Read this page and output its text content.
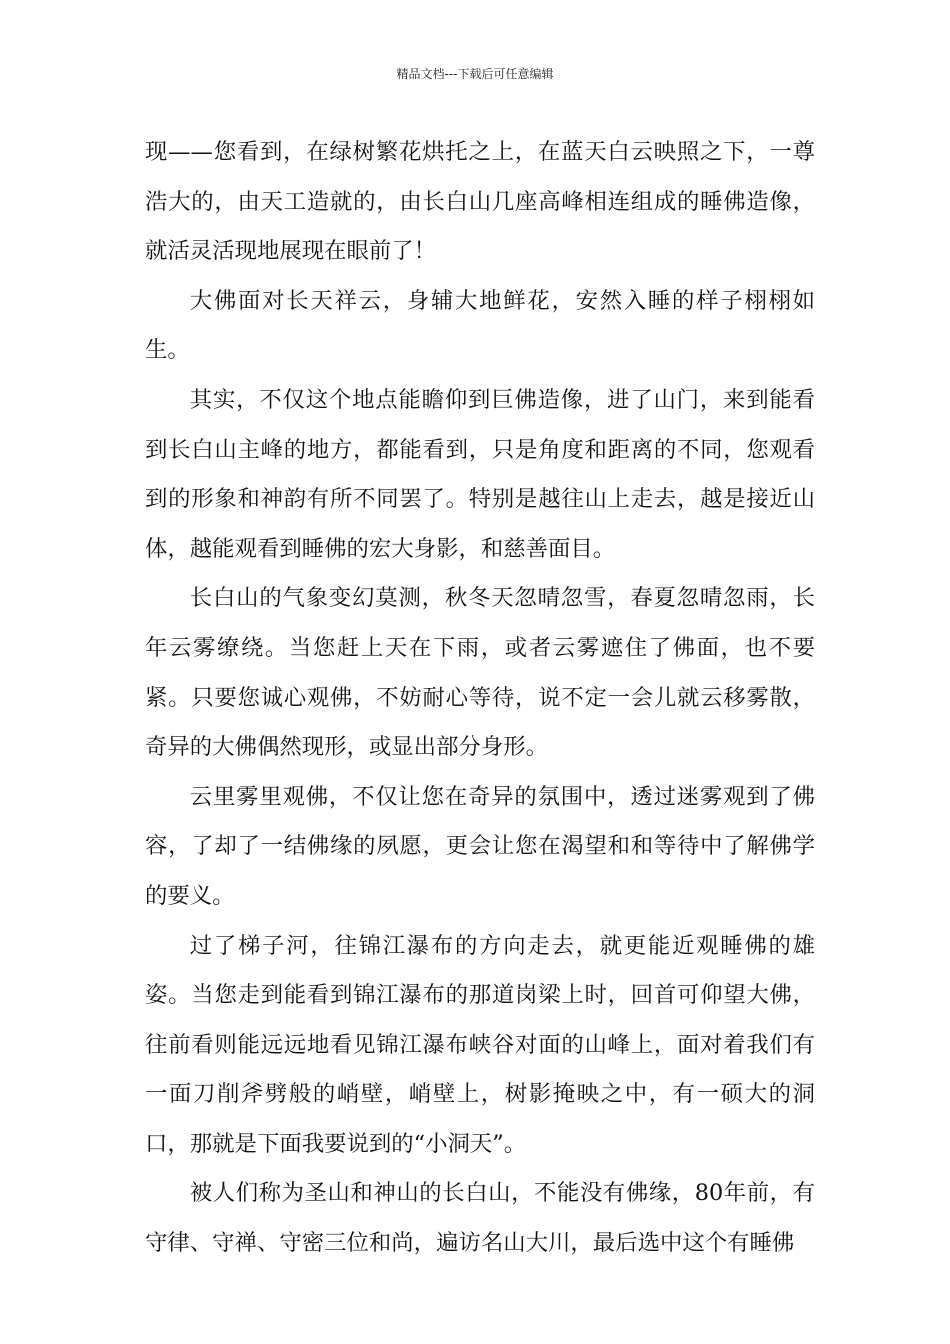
精品文档---下载后可任意编辑

现——您看到，在绿树繁花烘托之上，在蓝天白云映照之下，一尊浩大的，由天工造就的，由长白山几座高峰相连组成的睡佛造像，就活灵活现地展现在眼前了！

大佛面对长天祥云，身辅大地鲜花，安然入睡的样子栩栩如生。

其实，不仅这个地点能瞻仰到巨佛造像，进了山门，来到能看到长白山主峰的地方，都能看到，只是角度和距离的不同，您观看到的形象和神韵有所不同罢了。特别是越往山上走去，越是接近山体，越能观看到睡佛的宏大身影，和慈善面目。

长白山的气象变幻莫测，秋冬天忽晴忽雪，春夏忽晴忽雨，长年云雾缭绕。当您赶上天在下雨，或者云雾遮住了佛面，也不要紧。只要您诚心观佛，不妨耐心等待，说不定一会儿就云移雾散，奇异的大佛偶然现形，或显出部分身形。

云里雾里观佛，不仅让您在奇异的氛围中，透过迷雾观到了佛容，了却了一结佛缘的夙愿，更会让您在渴望和和等待中了解佛学的要义。

过了梯子河，往锦江瀑布的方向走去，就更能近观睡佛的雄姿。当您走到能看到锦江瀑布的那道岗梁上时，回首可仰望大佛，往前看则能远远地看见锦江瀑布峡谷对面的山峰上，面对着我们有一面刀削斧劈般的峭壁，峭壁上，树影掩映之中，有一硕大的洞口，那就是下面我要说到的“小洞天”。

被人们称为圣山和神山的长白山，不能没有佛缘，80年前，有守律、守禅、守密三位和尚，遍访名山大川，最后选中这个有睡佛
